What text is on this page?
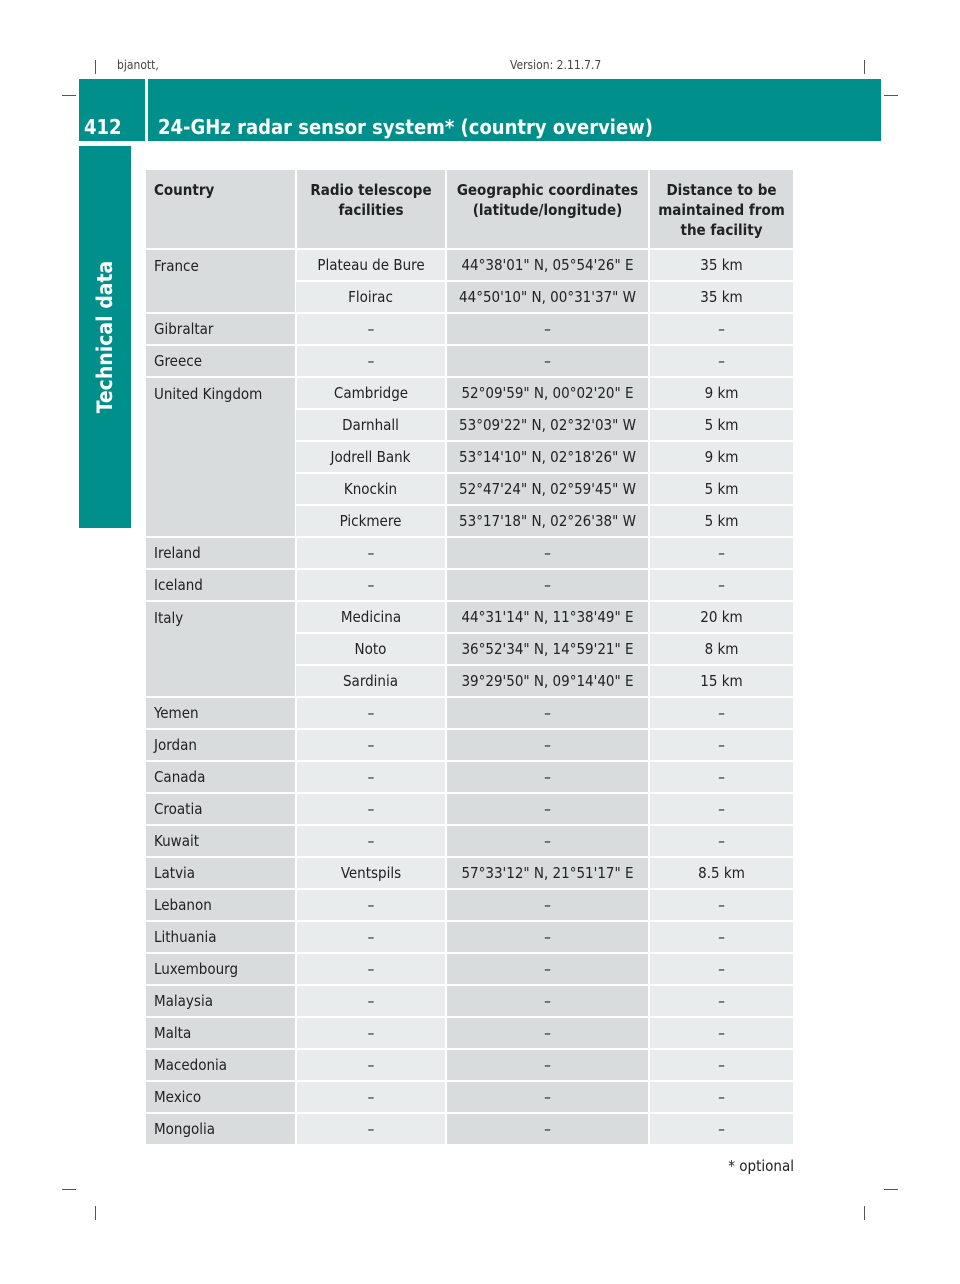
bjanott,	Version: 2.11.7.7
412 24-GHz radar sensor system* (country overview)
Technical data
Country	Radio telescope facilities	Geographic coordinates (latitude/longitude)	Distance to be maintained from the facility
France	Plateau de Bure	44°38'01" N, 05°54'26" E	35 km
	Floirac	44°50'10" N, 00°31'37" W	35 km
Gibraltar	–	–	–
Greece	–	–	–
United Kingdom	Cambridge	52°09'59" N, 00°02'20" E	9 km
	Darnhall	53°09'22" N, 02°32'03" W	5 km
	Jodrell Bank	53°14'10" N, 02°18'26" W	9 km
	Knockin	52°47'24" N, 02°59'45" W	5 km
	Pickmere	53°17'18" N, 02°26'38" W	5 km
Ireland	–	–	–
Iceland	–	–	–
Italy	Medicina	44°31'14" N, 11°38'49" E	20 km
	Noto	36°52'34" N, 14°59'21" E	8 km
	Sardinia	39°29'50" N, 09°14'40" E	15 km
Yemen	–	–	–
Jordan	–	–	–
Canada	–	–	–
Croatia	–	–	–
Kuwait	–	–	–
Latvia	Ventspils	57°33'12" N, 21°51'17" E	8.5 km
Lebanon	–	–	–
Lithuania	–	–	–
Luxembourg	–	–	–
Malaysia	–	–	–
Malta	–	–	–
Macedonia	–	–	–
Mexico	–	–	–
Mongolia	–	–	–
* optional
